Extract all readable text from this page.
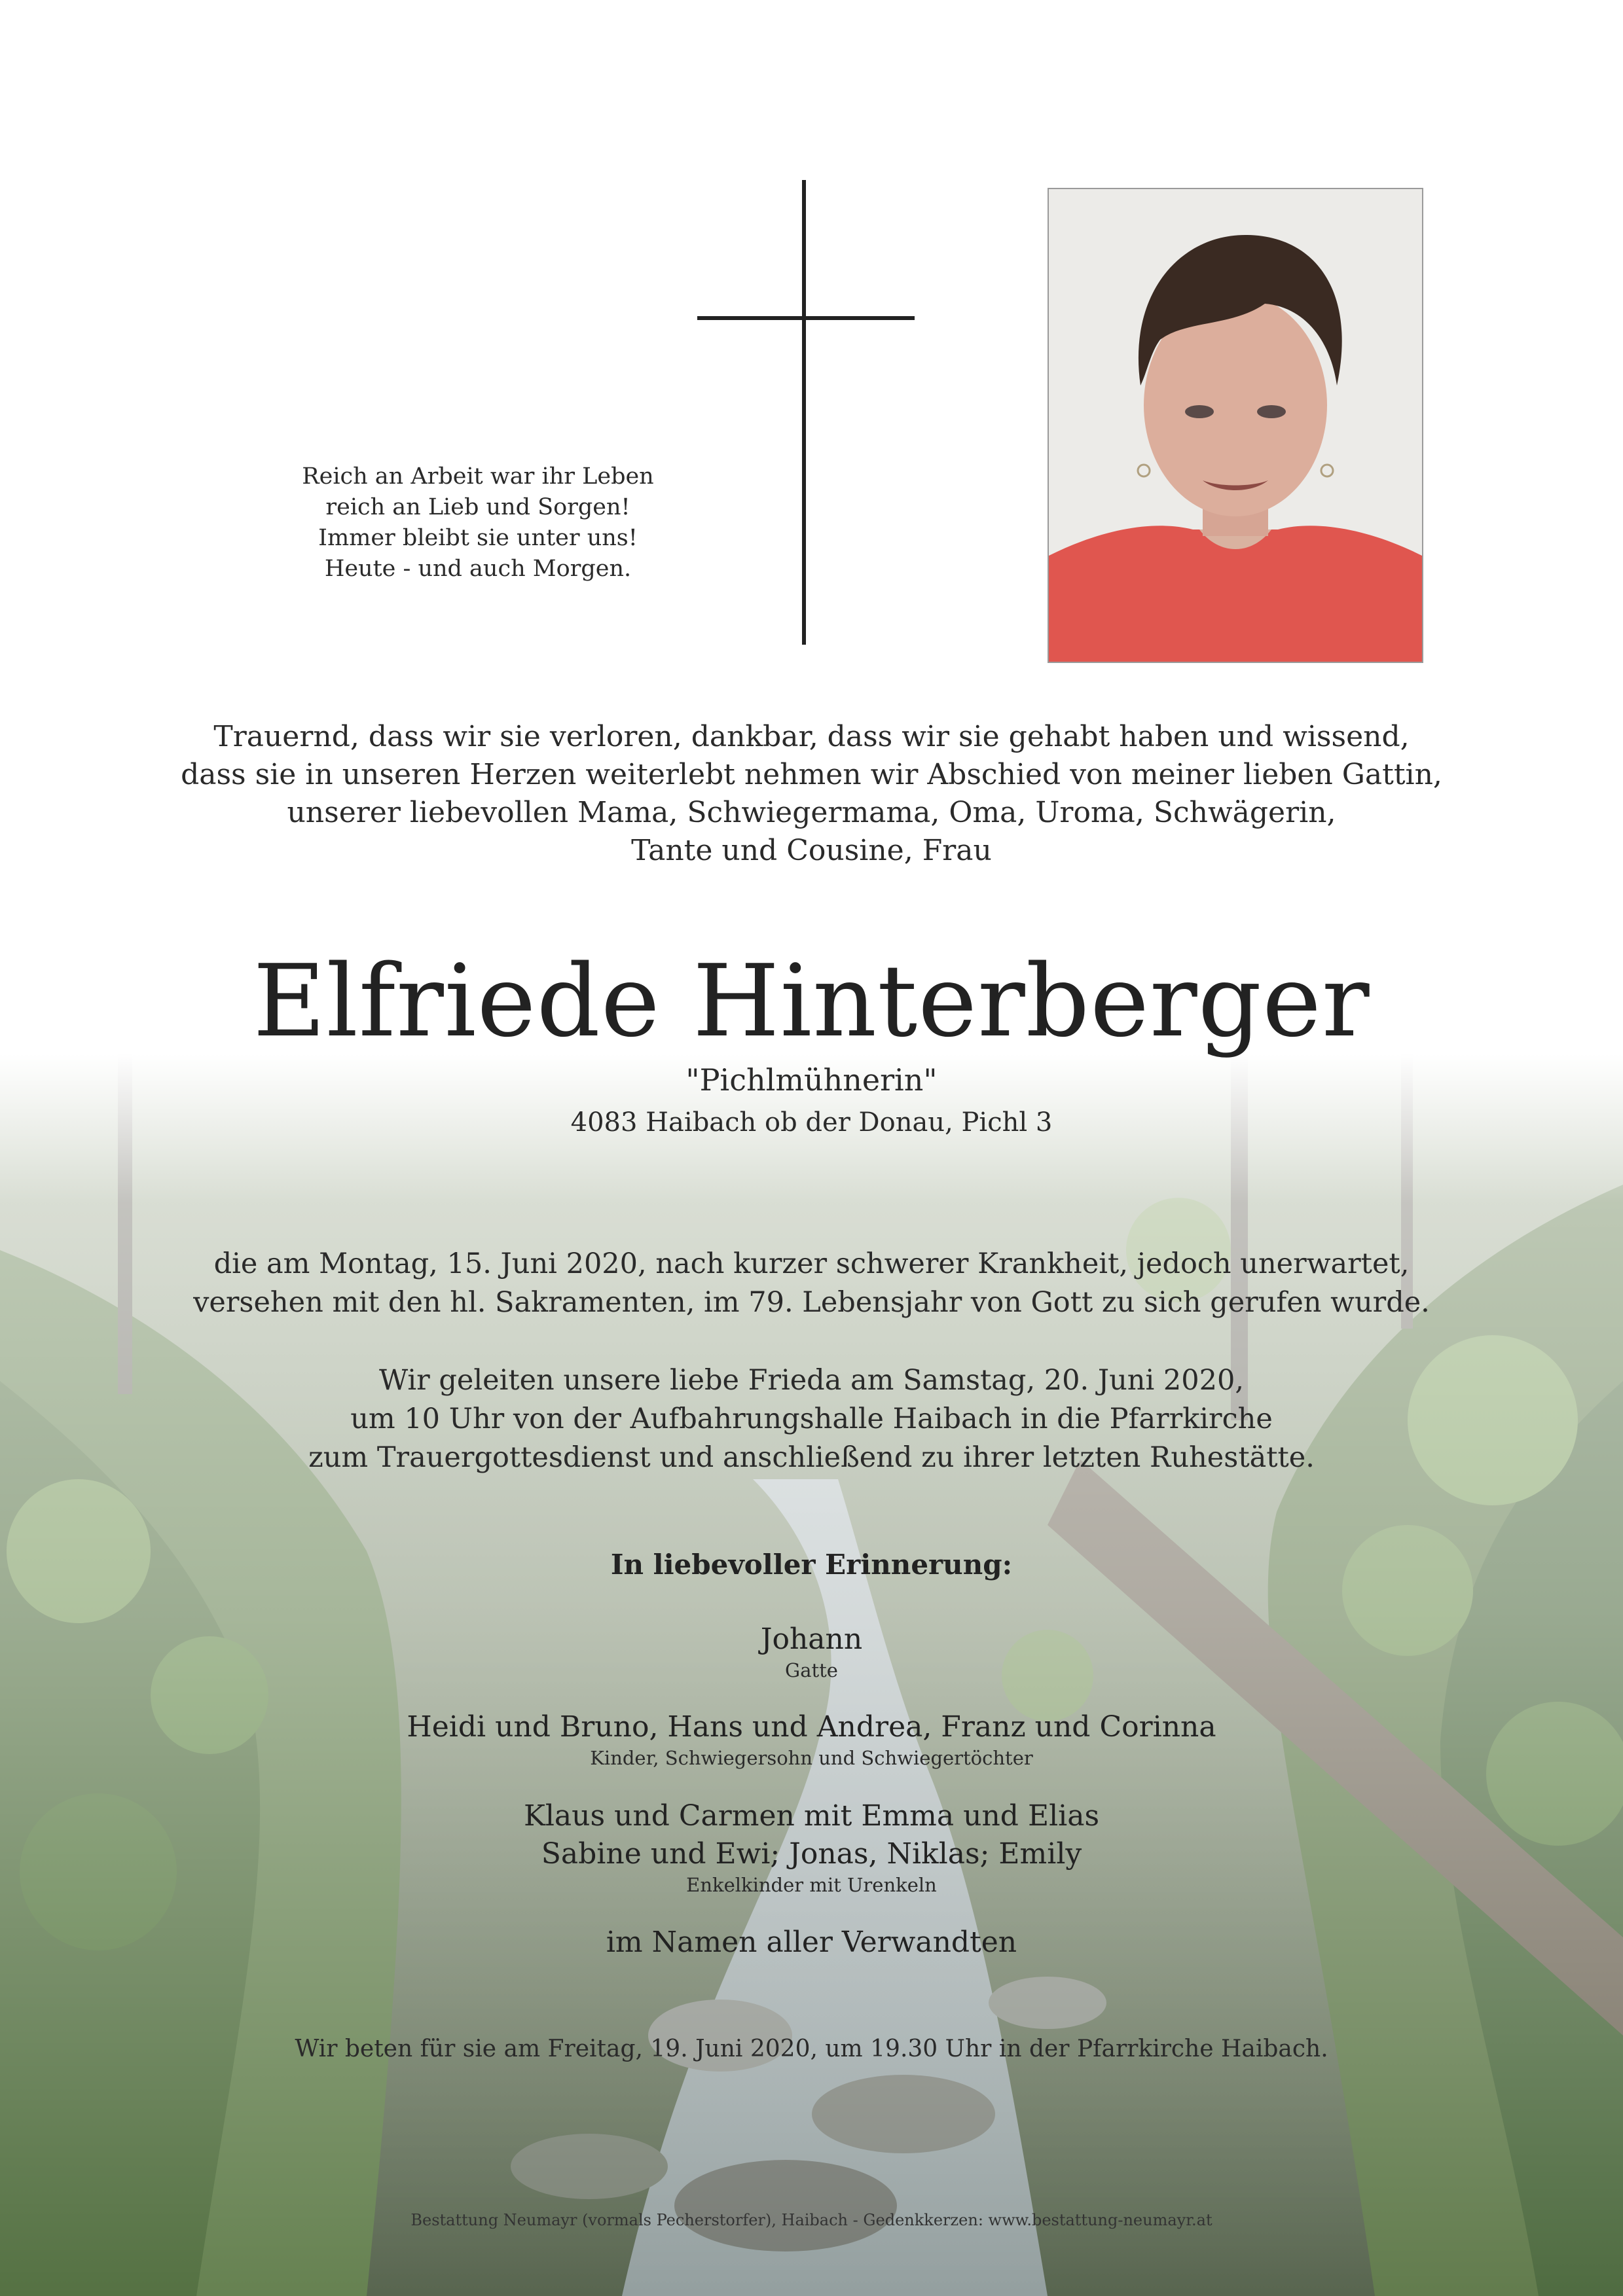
Reich an Arbeit war ihr Leben
reich an Lieb und Sorgen!
Immer bleibt sie unter uns!
Heute - und auch Morgen.
Trauernd, dass wir sie verloren, dankbar, dass wir sie gehabt haben und wissend,
dass sie in unseren Herzen weiterlebt nehmen wir Abschied von meiner lieben Gattin,
unserer liebevollen Mama, Schwiegermama, Oma, Uroma, Schwägerin,
Tante und Cousine, Frau
Elfriede Hinterberger
"Pichlmühnerin"
4083 Haibach ob der Donau, Pichl 3
die am Montag, 15. Juni 2020, nach kurzer schwerer Krankheit, jedoch unerwartet,
versehen mit den hl. Sakramenten, im 79. Lebensjahr von Gott zu sich gerufen wurde.
Wir geleiten unsere liebe Frieda am Samstag, 20. Juni 2020,
um 10 Uhr von der Aufbahrungshalle Haibach in die Pfarrkirche
zum Trauergottesdienst und anschließend zu ihrer letzten Ruhestätte.
In liebevoller Erinnerung:
Johann
Gatte
Heidi und Bruno, Hans und Andrea, Franz und Corinna
Kinder, Schwiegersohn und Schwiegertöchter
Klaus und Carmen mit Emma und Elias
Sabine und Ewi; Jonas, Niklas; Emily
Enkelkinder mit Urenkeln
im Namen aller Verwandten
Wir beten für sie am Freitag, 19. Juni 2020, um 19.30 Uhr in der Pfarrkirche Haibach.
Bestattung Neumayr (vormals Pecherstorfer), Haibach - Gedenkkerzen: www.bestattung-neumayr.at
